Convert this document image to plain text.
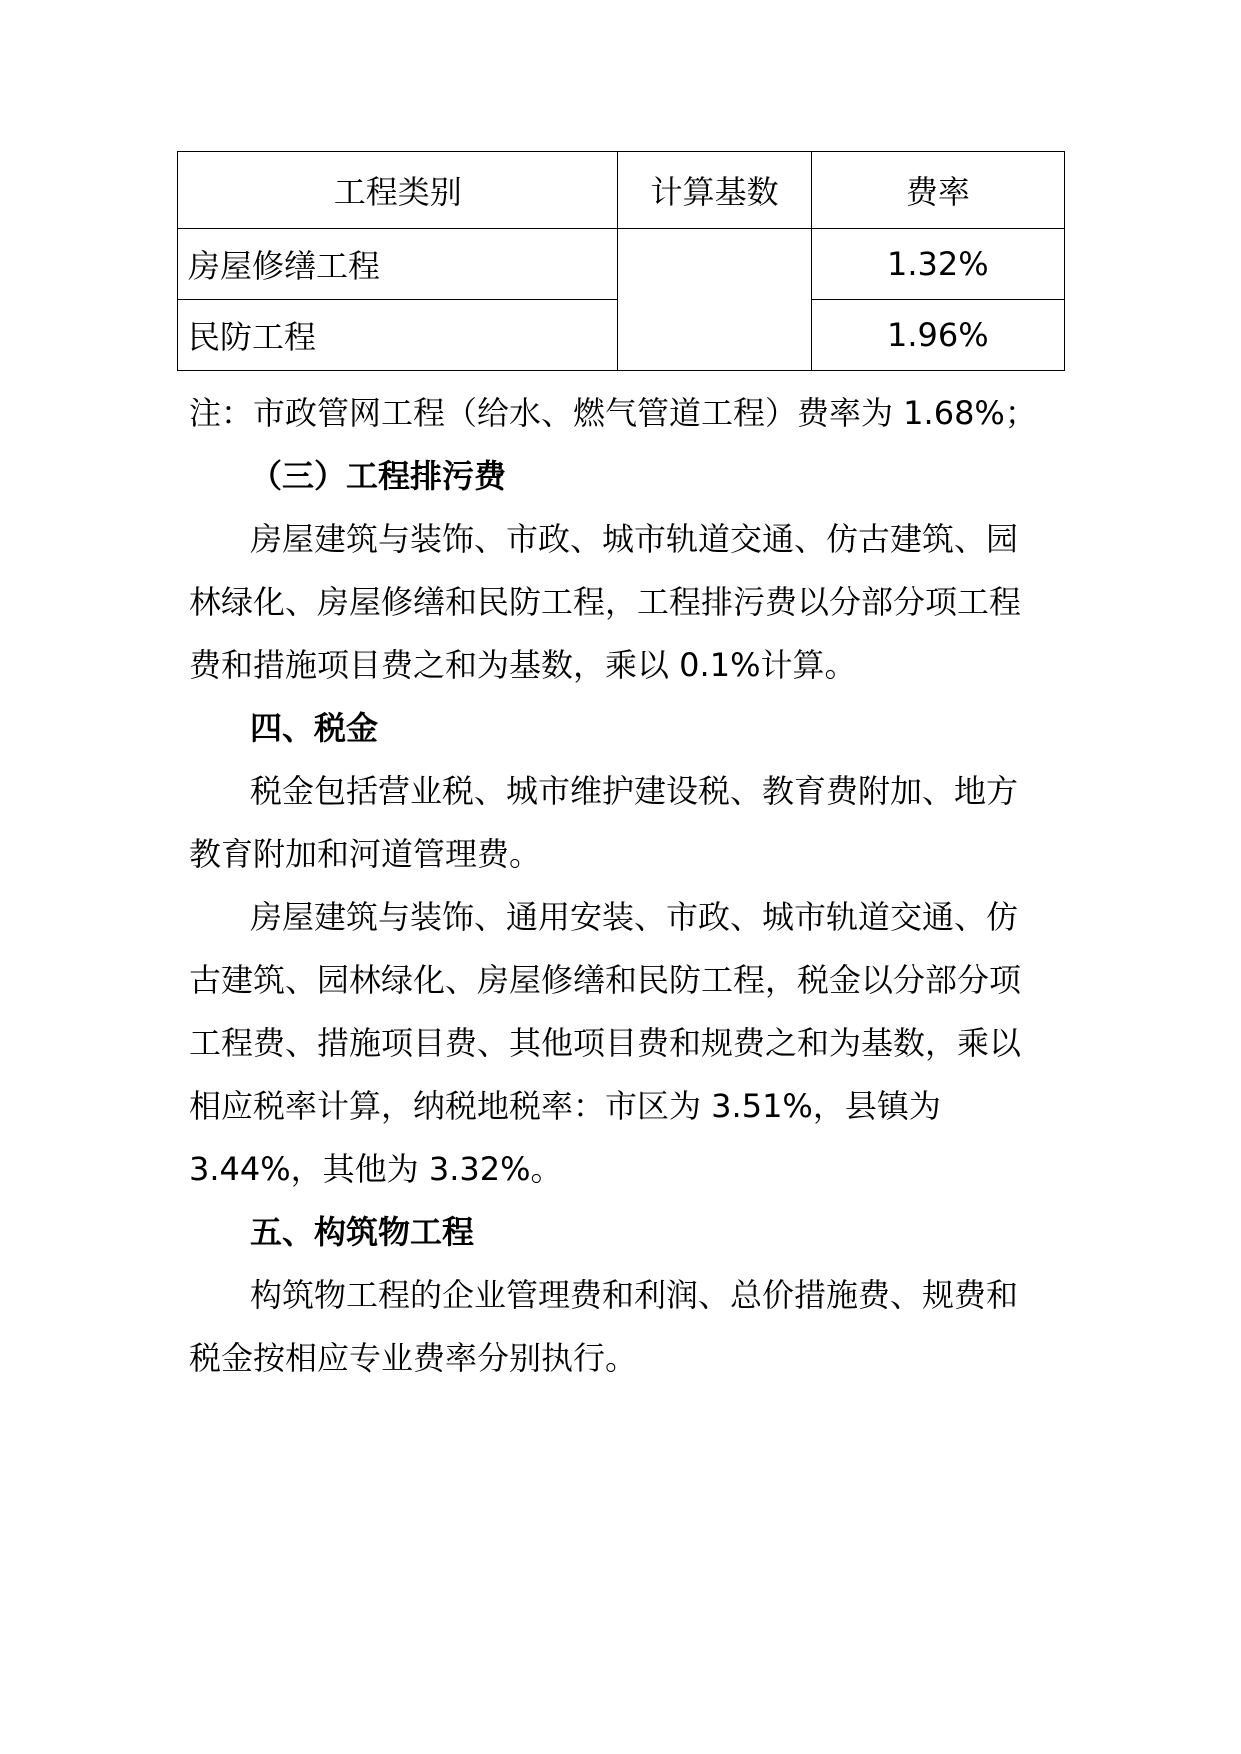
工程类别	计算基数	费率
房屋修缮工程		1.32%
民防工程		1.96%
注：市政管网工程（给水、燃气管道工程）费率为 1.68%；
（三）工程排污费
房屋建筑与装饰、市政、城市轨道交通、仿古建筑、园
林绿化、房屋修缮和民防工程，工程排污费以分部分项工程
费和措施项目费之和为基数，乘以 0.1%计算。
四、税金
税金包括营业税、城市维护建设税、教育费附加、地方
教育附加和河道管理费。
房屋建筑与装饰、通用安装、市政、城市轨道交通、仿
古建筑、园林绿化、房屋修缮和民防工程，税金以分部分项
工程费、措施项目费、其他项目费和规费之和为基数，乘以
相应税率计算，纳税地税率：市区为 3.51%，县镇为
3.44%，其他为 3.32%。
五、构筑物工程
构筑物工程的企业管理费和利润、总价措施费、规费和
税金按相应专业费率分别执行。
